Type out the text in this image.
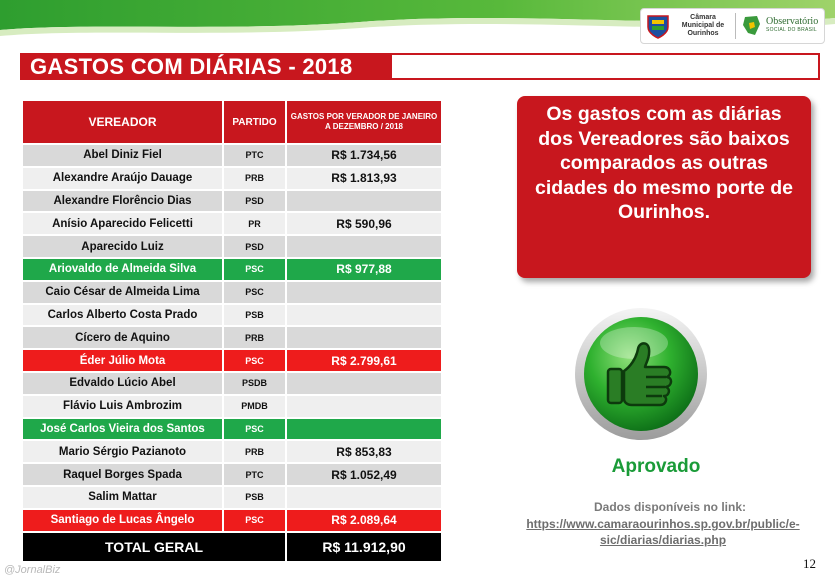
Câmara Municipal de Ourinhos
Observatório
SOCIAL DO BRASIL
GASTOS COM DIÁRIAS - 2018
VEREADOR	PARTIDO	GASTOS POR VERADOR DE JANEIRO A DEZEMBRO / 2018
Abel Diniz Fiel	PTC	R$ 1.734,56
Alexandre Araújo Dauage	PRB	R$ 1.813,93
Alexandre Florêncio Dias	PSD	
Anísio Aparecido Felicetti	PR	R$ 590,96
Aparecido Luiz	PSD	
Ariovaldo de Almeida Silva	PSC	R$ 977,88
Caio César de Almeida Lima	PSC	
Carlos Alberto Costa Prado	PSB	
Cícero de Aquino	PRB	
Éder Júlio Mota	PSC	R$ 2.799,61
Edvaldo Lúcio Abel	PSDB	
Flávio Luis Ambrozim	PMDB	
José Carlos Vieira dos Santos	PSC	
Mario Sérgio Pazianoto	PRB	R$ 853,83
Raquel Borges Spada	PTC	R$ 1.052,49
Salim Mattar	PSB	
Santiago de Lucas Ângelo	PSC	R$ 2.089,64
TOTAL GERAL		R$ 11.912,90
Os gastos com as diárias dos Vereadores são baixos comparados as outras cidades do mesmo porte de Ourinhos.
Aprovado
Dados disponíveis no link:
https://www.camaraourinhos.sp.gov.br/public/e-sic/diarias/diarias.php
12
@JornalBiz
